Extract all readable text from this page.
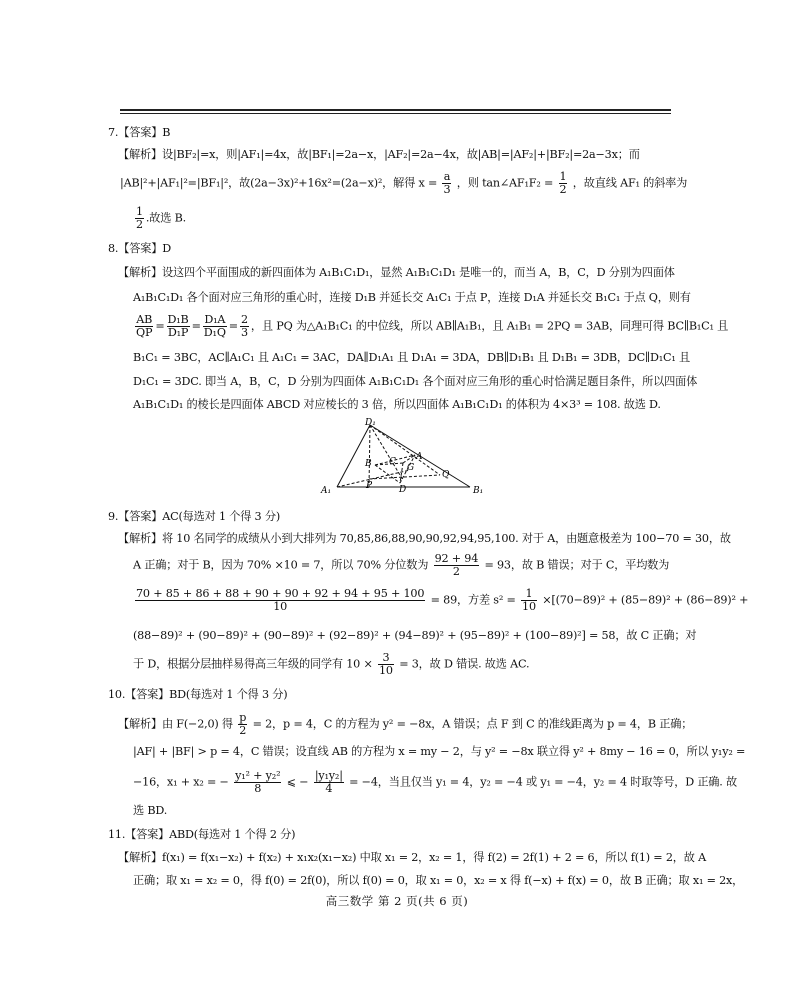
7.【答案】B
【解析】设|BF₂|=x，则|AF₁|=4x，故|BF₁|=2a−x，|AF₂|=2a−4x，故|AB|=|AF₂|+|BF₂|=2a−3x；而
|AB|²+|AF₁|²=|BF₁|²，故(2a−3x)²+16x²=(2a−x)²，解得 $x = \frac{a}{3}$ ，则 tan∠AF₁F₂ = $\frac{1}{2}$ ，故直线 AF₁ 的斜率为
$\frac{1}{2}$ .故选 B.
8.【答案】D
【解析】设这四个平面围成的新四面体为 A₁B₁C₁D₁，显然 A₁B₁C₁D₁ 是唯一的，而当 A，B，C，D 分别为四面体
A₁B₁C₁D₁ 各个面对应三角形的重心时，连接 D₁B 并延长交 A₁C₁ 于点 P，连接 D₁A 并延长交 B₁C₁ 于点 Q，则有
$\frac{AB}{QP} = \frac{\text{D₁B}}{\text{D₁P}} = \frac{\text{D₁A}}{\text{D₁Q}} = \frac{2}{3}$ ，且 PQ 为△A₁B₁C₁ 的中位线，所以 AB∥A₁B₁，且 A₁B₁ = 2PQ = 3AB，同理可得 BC∥B₁C₁ 且
B₁C₁ = 3BC，AC∥A₁C₁ 且 A₁C₁ = 3AC，DA∥D₁A₁ 且 D₁A₁ = 3DA，DB∥D₁B₁ 且 D₁B₁ = 3DB，DC∥D₁C₁ 且
D₁C₁ = 3DC. 即当 A，B，C，D 分别为四面体 A₁B₁C₁D₁ 各个面对应三角形的重心时恰满足题目条件，所以四面体
A₁B₁C₁D₁ 的棱长是四面体 ABCD 对应棱长的 3 倍，所以四面体 A₁B₁C₁D₁ 的体积为 4×3³ = 108. 故选 D.
D₁
A₁	B₁
A
B C
D
P
Q
G
9.【答案】AC(每选对 1 个得 3 分)
【解析】将 10 名同学的成绩从小到大排列为 70,85,86,88,90,90,92,94,95,100. 对于 A，由题意极差为 100−70 = 30，故
A 正确；对于 B，因为 70% ×10 = 7，所以 70% 分位数为 $\frac{92 + 94}{2} = 93$，故 B 错误；对于 C，平均数为
$\frac{70 + 85 + 86 + 88 + 90 + 90 + 92 + 94 + 95 + 100}{10} = 89$，方差 $s^2 = \frac{1}{10} \times[(70-89)^2 + (85-89)^2 + (86-89)^2$ +
(88−89)² + (90−89)² + (90−89)² + (92−89)² + (94−89)² + (95−89)² + (100−89)²] = 58，故 C 正确；对
于 D，根据分层抽样易得高三年级的同学有 $10 \times \frac{3}{10} = 3$，故 D 错误. 故选 AC.
10.【答案】BD(每选对 1 个得 3 分)
【解析】由 F(−2,0) 得 $\frac{p}{2} = 2$，p = 4，C 的方程为 y² = −8x，A 错误；点 F 到 C 的准线距离为 p = 4，B 正确；
|AF| + |BF| > p = 4，C 错误；设直线 AB 的方程为 x = my − 2，与 y² = −8x 联立得 y² + 8my − 16 = 0，所以 y₁y₂ =
−16，x₁ + x₂ = − $\frac{\text{y₁² + y₂²}}{8}$ ⩽ − $\frac{\text{|y₁y₂|}}{4} = -4$，当且仅当 y₁ = 4，y₂ = −4 或 y₁ = −4，y₂ = 4 时取等号，D 正确. 故
选 BD.
11.【答案】ABD(每选对 1 个得 2 分)
【解析】f(x₁) = f(x₁−x₂) + f(x₂) + x₁x₂(x₁−x₂) 中取 x₁ = 2，x₂ = 1，得 f(2) = 2f(1) + 2 = 6，所以 f(1) = 2，故 A
正确；取 x₁ = x₂ = 0，得 f(0) = 2f(0)，所以 f(0) = 0，取 x₁ = 0，x₂ = x 得 f(−x) + f(x) = 0，故 B 正确；取 x₁ = 2x，
高三数学 第 2 页(共 6 页)
